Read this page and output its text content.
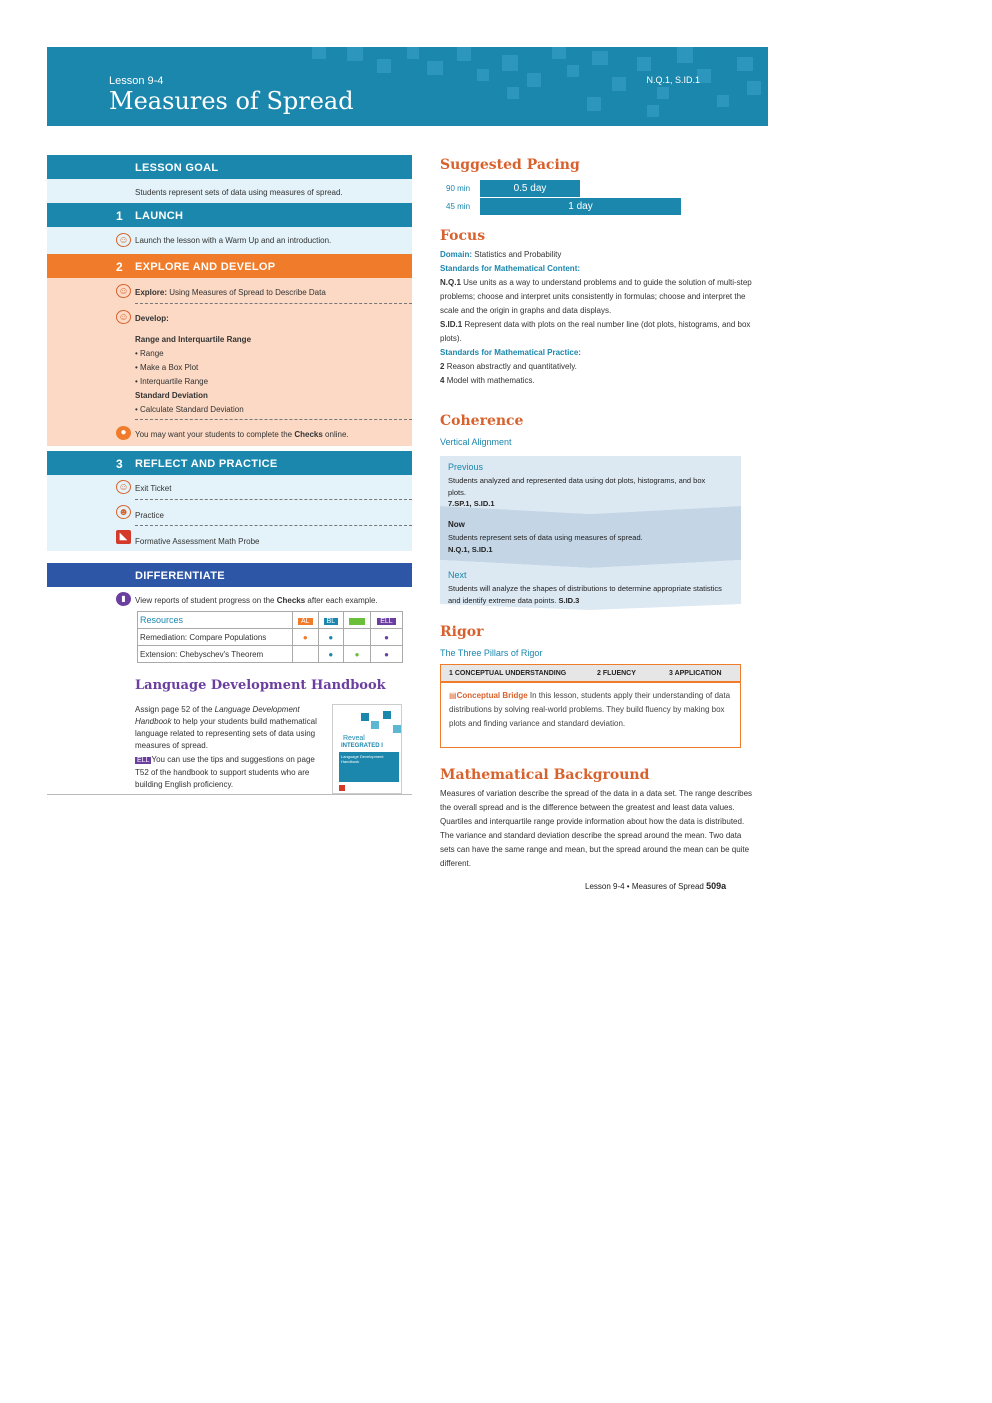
Lesson 9-4
Measures of Spread
N.Q.1, S.ID.1
LESSON GOAL
Students represent sets of data using measures of spread.
1 LAUNCH
☺ Launch the lesson with a Warm Up and an introduction.
2 EXPLORE AND DEVELOP
☺ Explore: Using Measures of Spread to Describe Data
☺ Develop:
Range and Interquartile Range
• Range
• Make a Box Plot
• Interquartile Range
Standard Deviation
• Calculate Standard Deviation
●	You may want your students to complete the Checks online.
3 REFLECT AND PRACTICE
☺ Exit Ticket
☻ Practice
◣ Formative Assessment Math Probe
DIFFERENTIATE
▮	View reports of student progress on the Checks after each example.
Resources	AL	BL	OL	ELL
Remediation: Compare Populations	●	●		●
Extension: Chebyschev's Theorem		●	●	●
Language Development Handbook
Assign page 52 of the Language Development Handbook to help your students build mathematical language related to representing sets of data using measures of spread.
ELL You can use the tips and suggestions on page T52 of the handbook to support students who are building English proficiency.
Reveal
INTEGRATED I
Language Development Handbook
Suggested Pacing
90 min	0.5 day
45 min	1 day
Focus
Domain: Statistics and Probability
Standards for Mathematical Content:
N.Q.1 Use units as a way to understand problems and to guide the solution of multi-step problems; choose and interpret units consistently in formulas; choose and interpret the scale and the origin in graphs and data displays.
S.ID.1 Represent data with plots on the real number line (dot plots, histograms, and box plots).
Standards for Mathematical Practice:
2 Reason abstractly and quantitatively.
4 Model with mathematics.
Coherence
Vertical Alignment
Previous
Students analyzed and represented data using dot plots, histograms, and box plots.
7.SP.1, S.ID.1
Now
Students represent sets of data using measures of spread.
N.Q.1, S.ID.1
Next
Students will analyze the shapes of distributions to determine appropriate statistics and identify extreme data points. S.ID.3
Rigor
The Three Pillars of Rigor
1 CONCEPTUAL UNDERSTANDING	2 FLUENCY	3 APPLICATION
▤Conceptual Bridge In this lesson, students apply their understanding of data distributions by solving real-world problems. They build fluency by making box plots and finding variance and standard deviation.
Mathematical Background
Measures of variation describe the spread of the data in a data set. The range describes the overall spread and is the difference between the greatest and least data values. Quartiles and interquartile range provide information about how the data is distributed. The variance and standard deviation describe the spread around the mean. Two data sets can have the same range and mean, but the spread around the mean can be quite different.
Lesson 9-4 • Measures of Spread 509a
